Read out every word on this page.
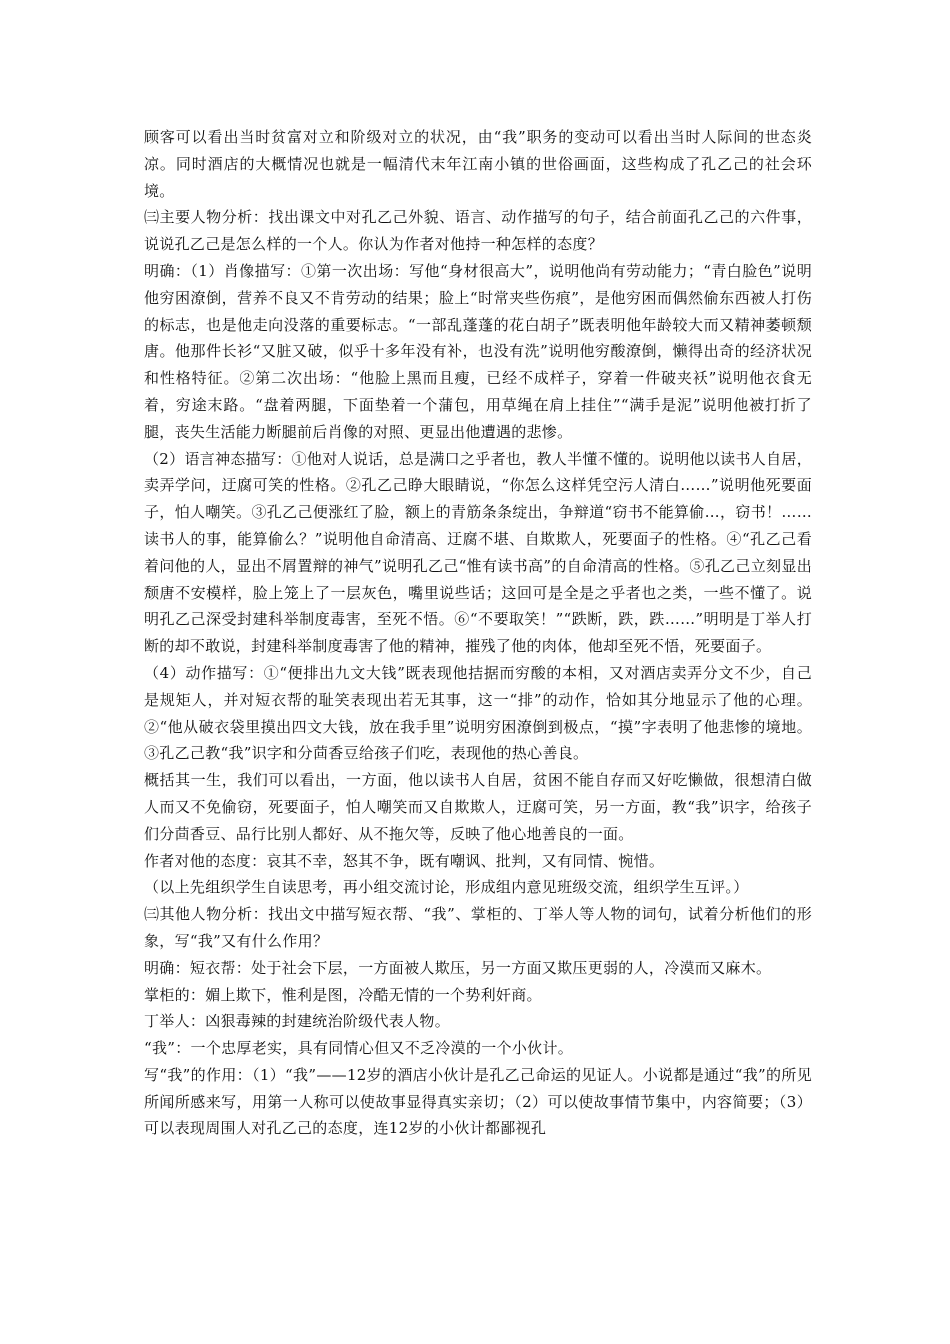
顾客可以看出当时贫富对立和阶级对立的状况，由“我”职务的变动可以看出当时人际间的世态炎凉。同时酒店的大概情况也就是一幅清代末年江南小镇的世俗画面，这些构成了孔乙己的社会环境。

㈢主要人物分析：找出课文中对孔乙己外貌、语言、动作描写的句子，结合前面孔乙己的六件事，说说孔乙己是怎么样的一个人。你认为作者对他持一种怎样的态度？

明确：（1）肖像描写：①第一次出场：写他“身材很高大”，说明他尚有劳动能力；“青白脸色”说明他穷困潦倒，营养不良又不肯劳动的结果；脸上“时常夹些伤痕”，是他穷困而偶然偷东西被人打伤的标志，也是他走向没落的重要标志。“一部乱蓬蓬的花白胡子”既表明他年龄较大而又精神萎顿颓唐。他那件长衫“又脏又破，似乎十多年没有补，也没有洗”说明他穷酸潦倒，懒得出奇的经济状况和性格特征。②第二次出场：“他脸上黑而且瘦，已经不成样子，穿着一件破夹袄”说明他衣食无着，穷途末路。“盘着两腿，下面垫着一个蒲包，用草绳在肩上挂住”“满手是泥”说明他被打折了腿，丧失生活能力断腿前后肖像的对照、更显出他遭遇的悲惨。

（2）语言神态描写：①他对人说话，总是满口之乎者也，教人半懂不懂的。说明他以读书人自居，卖弄学问，迂腐可笑的性格。②孔乙己睁大眼睛说，“你怎么这样凭空污人清白……”说明他死要面子，怕人嘲笑。③孔乙己便涨红了脸，额上的青筋条条绽出，争辩道“窃书不能算偷…，窃书！……读书人的事，能算偷么？”说明他自命清高、迂腐不堪、自欺欺人，死要面子的性格。④“孔乙己看着问他的人，显出不屑置辩的神气”说明孔乙己“惟有读书高”的自命清高的性格。⑤孔乙己立刻显出颓唐不安模样，脸上笼上了一层灰色，嘴里说些话；这回可是全是之乎者也之类，一些不懂了。说明孔乙己深受封建科举制度毒害，至死不悟。⑥“不要取笑！”“跌断，跌，跌……”明明是丁举人打断的却不敢说，封建科举制度毒害了他的精神，摧残了他的肉体，他却至死不悟，死要面子。

（4）动作描写：①“便排出九文大钱”既表现他拮据而穷酸的本相，又对酒店卖弄分文不少，自己是规矩人，并对短衣帮的耻笑表现出若无其事，这一“排”的动作，恰如其分地显示了他的心理。②“他从破衣袋里摸出四文大钱，放在我手里”说明穷困潦倒到极点，“摸”字表明了他悲惨的境地。③孔乙己教“我”识字和分茴香豆给孩子们吃，表现他的热心善良。

概括其一生，我们可以看出，一方面，他以读书人自居，贫困不能自存而又好吃懒做，很想清白做人而又不免偷窃，死要面子，怕人嘲笑而又自欺欺人，迂腐可笑，另一方面，教“我”识字，给孩子们分茴香豆、品行比别人都好、从不拖欠等，反映了他心地善良的一面。

作者对他的态度：哀其不幸，怒其不争，既有嘲讽、批判，又有同情、惋惜。

（以上先组织学生自读思考，再小组交流讨论，形成组内意见班级交流，组织学生互评。）

㈢其他人物分析：找出文中描写短衣帮、“我”、掌柜的、丁举人等人物的词句，试着分析他们的形象，写“我”又有什么作用？

明确：短衣帮：处于社会下层，一方面被人欺压，另一方面又欺压更弱的人，冷漠而又麻木。

掌柜的：媚上欺下，惟利是图，冷酷无情的一个势利奸商。

丁举人：凶狠毒辣的封建统治阶级代表人物。

“我”：一个忠厚老实，具有同情心但又不乏冷漠的一个小伙计。

写“我”的作用：（1）“我”——12岁的酒店小伙计是孔乙己命运的见证人。小说都是通过“我”的所见所闻所感来写，用第一人称可以使故事显得真实亲切；（2）可以使故事情节集中，内容简要；（3）可以表现周围人对孔乙己的态度，连12岁的小伙计都鄙视孔
